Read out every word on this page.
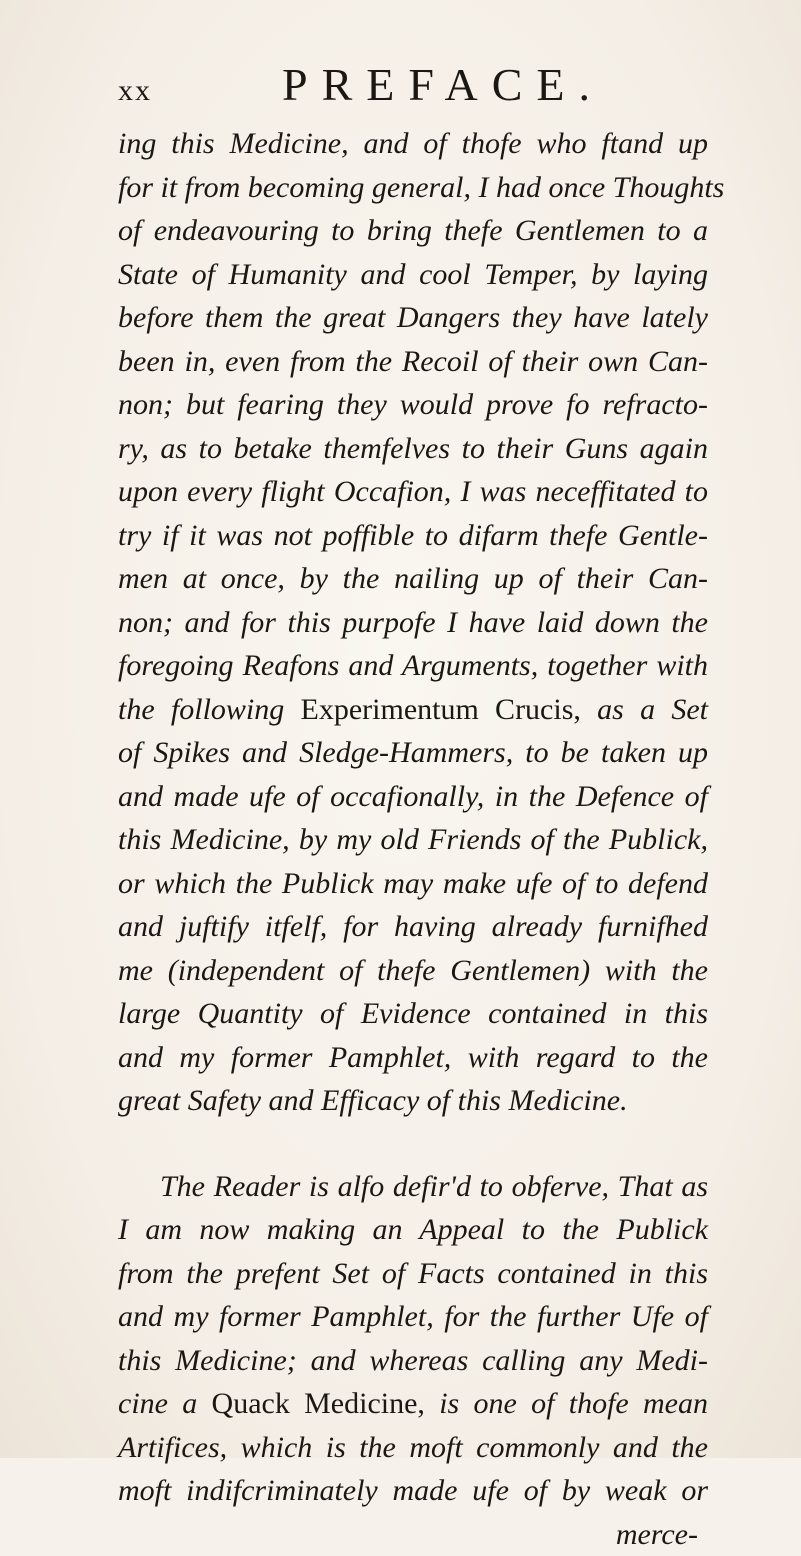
xx	PREFACE.
ing this Medicine, and of thofe who ftand up
for it from becoming general, I had once Thoughts
of endeavouring to bring thefe Gentlemen to a
State of Humanity and cool Temper, by laying
before them the great Dangers they have lately
been in, even from the Recoil of their own Can-
non; but fearing they would prove fo refracto-
ry, as to betake themfelves to their Guns again
upon every flight Occafion, I was neceffitated to
try if it was not poffible to difarm thefe Gentle-
men at once, by the nailing up of their Can-
non; and for this purpofe I have laid down the
foregoing Reafons and Arguments, together with
the following Experimentum Crucis, as a Set
of Spikes and Sledge-Hammers, to be taken up
and made ufe of occafionally, in the Defence of
this Medicine, by my old Friends of the Publick,
or which the Publick may make ufe of to defend
and juftify itfelf, for having already furnifhed
me (independent of thefe Gentlemen) with the
large Quantity of Evidence contained in this
and my former Pamphlet, with regard to the
great Safety and Efficacy of this Medicine.
The Reader is alfo defir'd to obferve, That as
I am now making an Appeal to the Publick
from the prefent Set of Facts contained in this
and my former Pamphlet, for the further Ufe of
this Medicine; and whereas calling any Medi-
cine a Quack Medicine, is one of thofe mean
Artifices, which is the moft commonly and the
moft indifcriminately made ufe of by weak or
merce-
